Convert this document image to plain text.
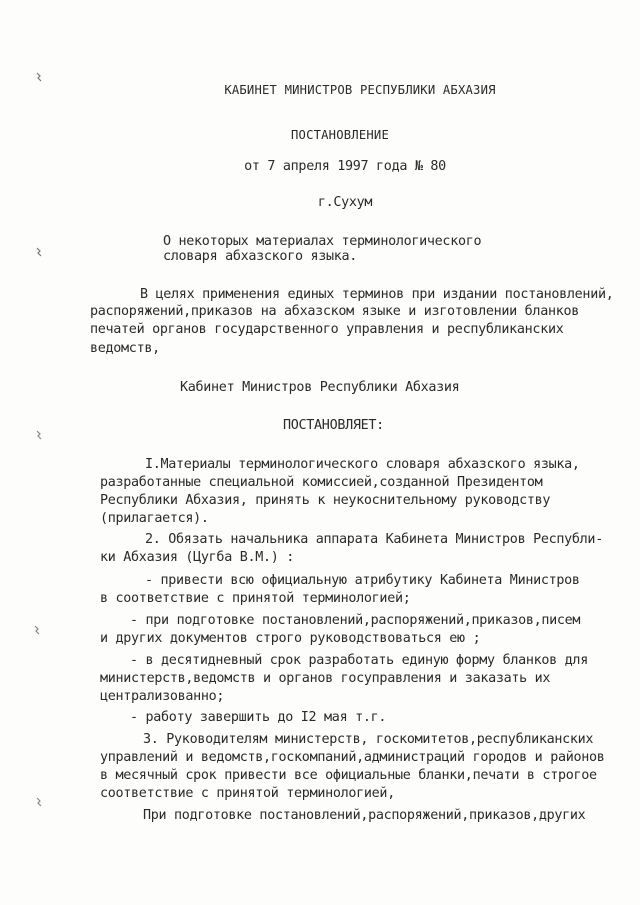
КАБИНЕТ МИНИСТРОВ РЕСПУБЛИКИ АБХАЗИЯ
ПОСТАНОВЛЕНИЕ
от 7 апреля 1997 года № 80
г.Сухум
О некоторых материалах терминологического
словаря абхазского языка.
В целях применения единых терминов при издании постановлений,
распоряжений,приказов на абхазском языке и изготовлении бланков
печатей органов государственного управления и республиканских
ведомств,
Кабинет Министров Республики Абхазия
ПОСТАНОВЛЯЕТ:
I.Материалы терминологического словаря абхазского языка,
разработанные специальной комиссией,созданной Президентом
Республики Абхазия, принять к неукоснительному руководству
(прилагается).
2. Обязать начальника аппарата Кабинета Министров Республи-
ки Абхазия (Цугба В.М.) :
- привести всю официальную атрибутику Кабинета Министров
в соответствие с принятой терминологией;
- при подготовке постановлений,распоряжений,приказов,писем
и других документов строго руководствоваться ею ;
- в десятидневный срок разработать единую форму бланков для
министерств,ведомств и органов госуправления и заказать их
централизованно;
- работу завершить до I2 мая т.г.
3. Руководителям министерств, госкомитетов,республиканских
управлений и ведомств,госкомпаний,администраций городов и районов
в месячный срок привести все официальные бланки,печати в строгое
соответствие с принятой терминологией,
При подготовке постановлений,распоряжений,приказов,других
